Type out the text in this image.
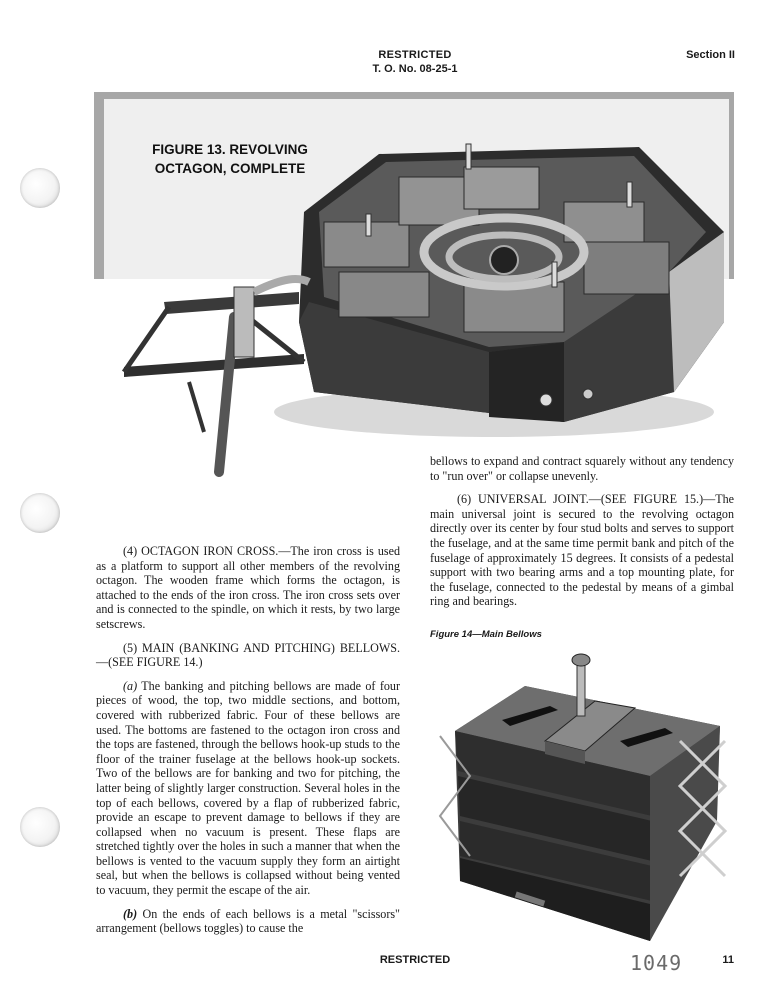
RESTRICTED
T. O. No. 08-25-1
Section II
FIGURE 13. REVOLVING
OCTAGON, COMPLETE

(4) OCTAGON IRON CROSS.—The iron cross is used as a platform to support all other members of the revolving octagon. The wooden frame which forms the octagon, is attached to the ends of the iron cross. The iron cross sets over and is connected to the spindle, on which it rests, by two large setscrews.

(5) MAIN (BANKING AND PITCHING) BELLOWS.—(SEE FIGURE 14.)

(a) The banking and pitching bellows are made of four pieces of wood, the top, two middle sections, and bottom, covered with rubberized fabric. Four of these bellows are used. The bottoms are fastened to the octagon iron cross and the tops are fastened, through the bellows hook-up studs to the floor of the trainer fuselage at the bellows hook-up sockets. Two of the bellows are for banking and two for pitching, the latter being of slightly larger construction. Several holes in the top of each bellows, covered by a flap of rubberized fabric, provide an escape to prevent damage to bellows if they are collapsed when no vacuum is present. These flaps are stretched tightly over the holes in such a manner that when the bellows is vented to the vacuum supply they form an airtight seal, but when the bellows is collapsed without being vented to vacuum, they permit the escape of the air.

(b) On the ends of each bellows is a metal "scissors" arrangement (bellows toggles) to cause the

bellows to expand and contract squarely without any tendency to "run over" or collapse unevenly.

(6) UNIVERSAL JOINT.—(SEE FIGURE 15.)—The main universal joint is secured to the revolving octagon directly over its center by four stud bolts and serves to support the fuselage, and at the same time permit bank and pitch of the fuselage of approximately 15 degrees. It consists of a pedestal support with two bearing arms and a top mounting plate, for the fuselage, connected to the pedestal by means of a gimbal ring and bearings.

Figure 14—Main Bellows
RESTRICTED	1049	11
